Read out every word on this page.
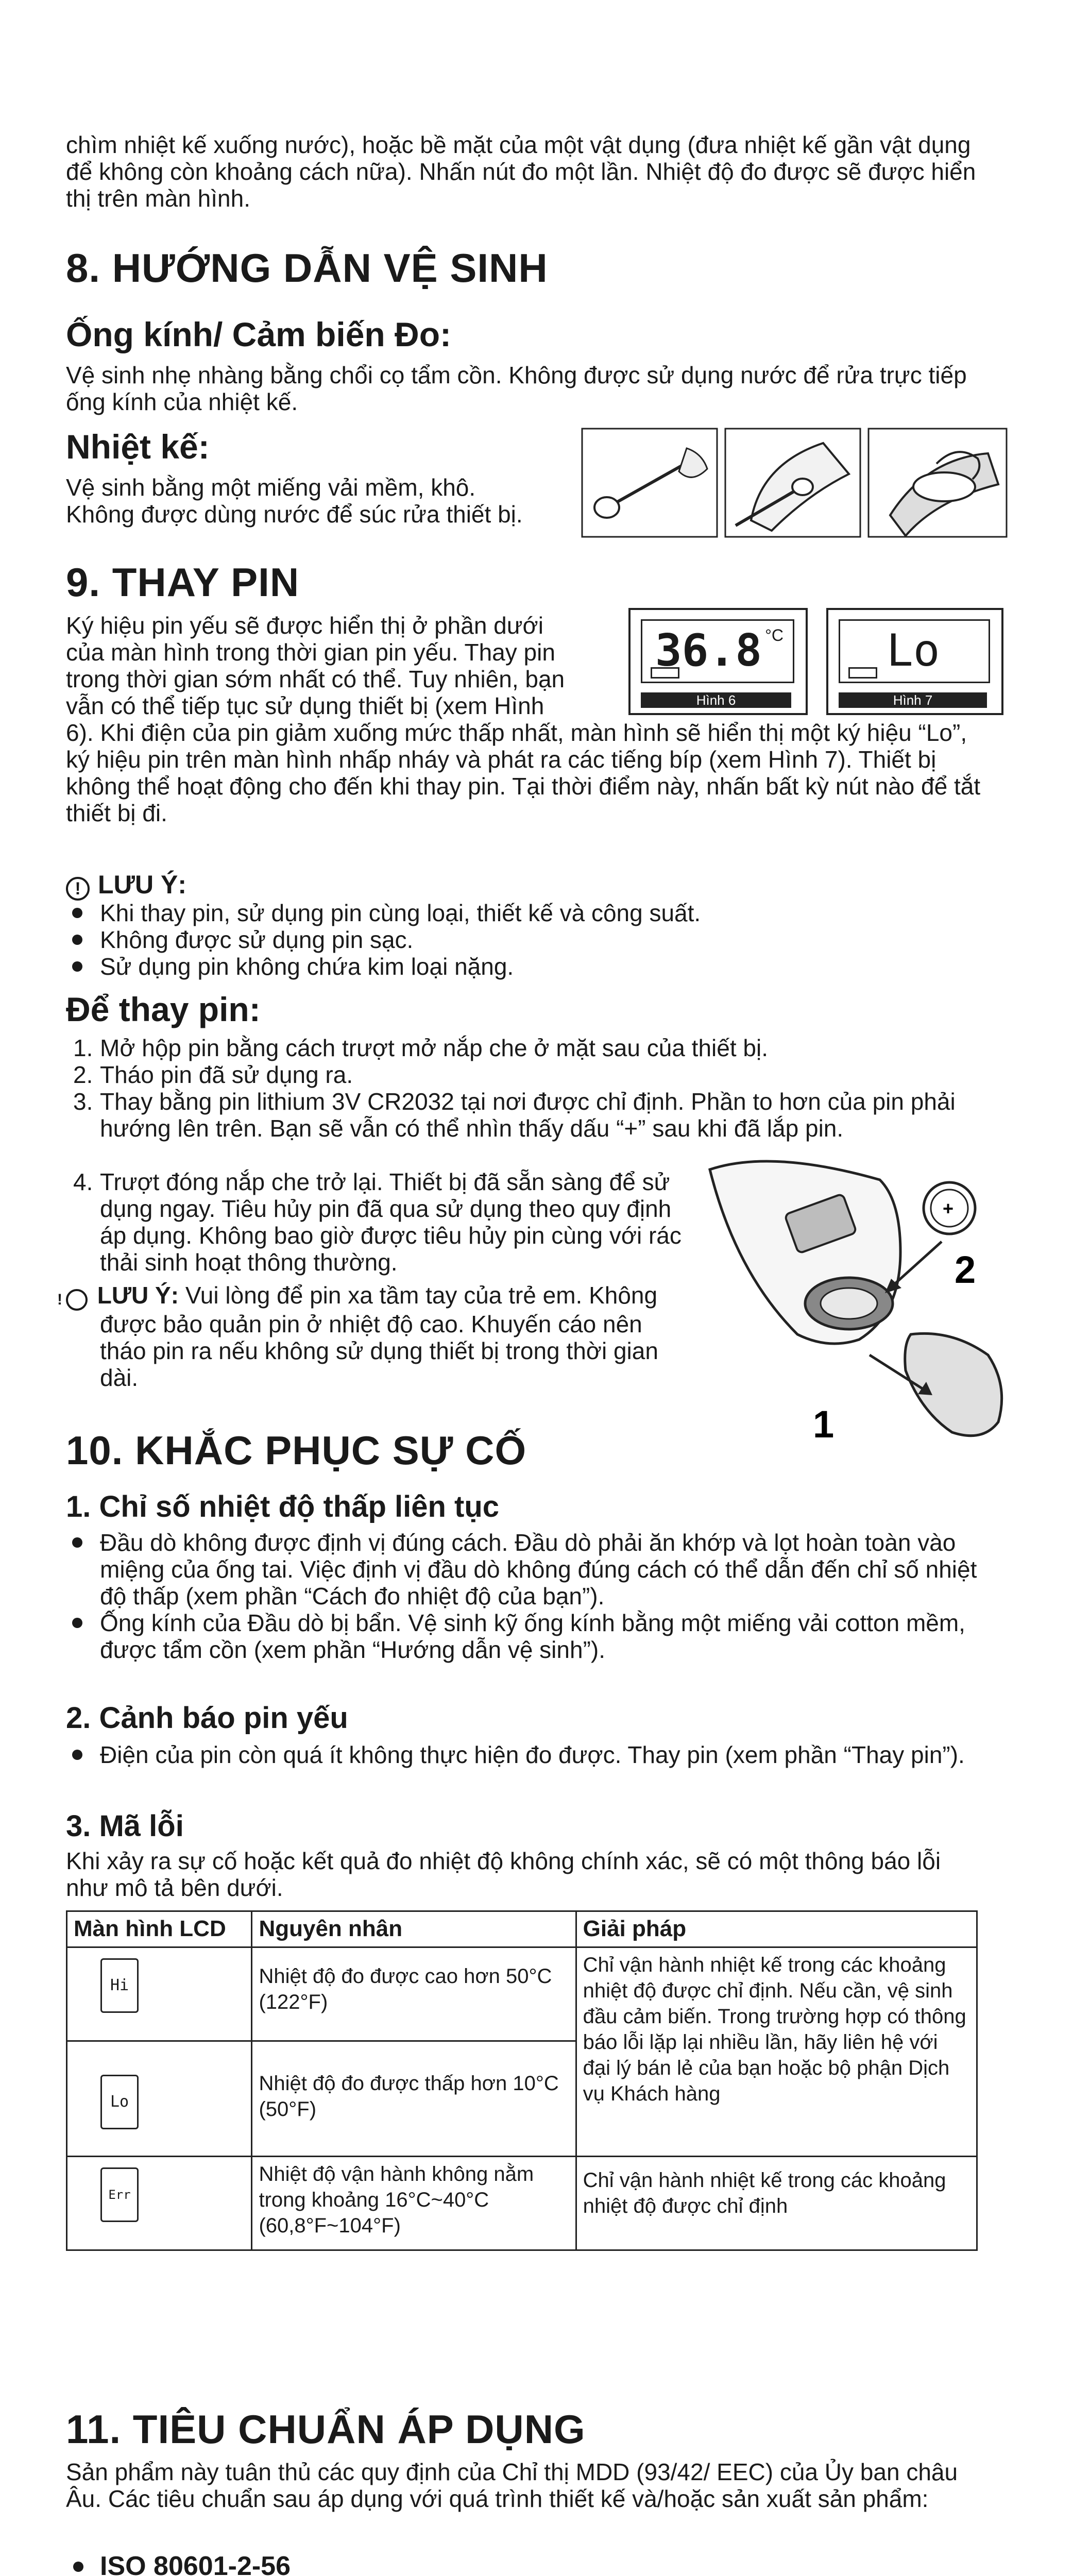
chìm nhiệt kế xuống nước), hoặc bề mặt của một vật dụng (đưa nhiệt kế gần vật dụng để không còn khoảng cách nữa). Nhấn nút đo một lần. Nhiệt độ đo được sẽ được hiển thị trên màn hình.

8. HƯỚNG DẪN VỆ SINH
Ống kính/ Cảm biến Đo:

Vệ sinh nhẹ nhàng bằng chổi cọ tẩm cồn. Không được sử dụng nước để rửa trực tiếp ống kính của nhiệt kế.

Nhiệt kế:

Vệ sinh bằng một miếng vải mềm, khô.

Không được dùng nước để súc rửa thiết bị.

9. THAY PIN

Ký hiệu pin yếu sẽ được hiển thị ở phần dưới

của màn hình trong thời gian pin yếu. Thay pin

trong thời gian sớm nhất có thể. Tuy nhiên, bạn

vẫn có thể tiếp tục sử dụng thiết bị (xem Hình

6). Khi điện của pin giảm xuống mức thấp nhất, màn hình sẽ hiển thị một ký hiệu “Lo”, ký hiệu pin trên màn hình nhấp nháy và phát ra các tiếng bíp (xem Hình 7). Thiết bị không thể hoạt động cho đến khi thay pin. Tại thời điểm này, nhấn bất kỳ nút nào để tắt thiết bị đi.

36.8 °C
Hình 6
Lo
Hình 7
! LƯU Ý:
Khi thay pin, sử dụng pin cùng loại, thiết kế và công suất.
Không được sử dụng pin sạc.
Sử dụng pin không chứa kim loại nặng.
Để thay pin:
1. Mở hộp pin bằng cách trượt mở nắp che ở mặt sau của thiết bị.
2. Tháo pin đã sử dụng ra.
3. Thay bằng pin lithium 3V CR2032 tại nơi được chỉ định. Phần to hơn của pin phải hướng lên trên. Bạn sẽ vẫn có thể nhìn thấy dấu “+” sau khi đã lắp pin.
4. Trượt đóng nắp che trở lại. Thiết bị đã sẵn sàng để sử dụng ngay. Tiêu hủy pin đã qua sử dụng theo quy định áp dụng. Không bao giờ được tiêu hủy pin cùng với rác thải sinh hoạt thông thường.

! LƯU Ý: Vui lòng để pin xa tầm tay của trẻ em. Không được bảo quản pin ở nhiệt độ cao. Khuyến cáo nên tháo pin ra nếu không sử dụng thiết bị trong thời gian dài.

+
2
1
10. KHẮC PHỤC SỰ CỐ
1. Chỉ số nhiệt độ thấp liên tục
Đầu dò không được định vị đúng cách. Đầu dò phải ăn khớp và lọt hoàn toàn vào miệng của ống tai. Việc định vị đầu dò không đúng cách có thể dẫn đến chỉ số nhiệt độ thấp (xem phần “Cách đo nhiệt độ của bạn”).
Ống kính của Đầu dò bị bẩn. Vệ sinh kỹ ống kính bằng một miếng vải cotton mềm, được tẩm cồn (xem phần “Hướng dẫn vệ sinh”).
2. Cảnh báo pin yếu
Điện của pin còn quá ít không thực hiện đo được. Thay pin (xem phần “Thay pin”).
3. Mã lỗi

Khi xảy ra sự cố hoặc kết quả đo nhiệt độ không chính xác, sẽ có một thông báo lỗi như mô tả bên dưới.

Màn hình LCD	Nguyên nhân	Giải pháp
Hi	Nhiệt độ đo được cao hơn 50°C (122°F)	Chỉ vận hành nhiệt kế trong các khoảng nhiệt độ được chỉ định. Nếu cần, vệ sinh đầu cảm biến. Trong trường hợp có thông báo lỗi lặp lại nhiều lần, hãy liên hệ với đại lý bán lẻ của bạn hoặc bộ phận Dịch vụ Khách hàng
Lo	Nhiệt độ đo được thấp hơn 10°C (50°F)	
Err	Nhiệt độ vận hành không nằm trong khoảng 16°C~40°C (60,8°F~104°F)	Chỉ vận hành nhiệt kế trong các khoảng nhiệt độ được chỉ định
11. TIÊU CHUẨN ÁP DỤNG

Sản phẩm này tuân thủ các quy định của Chỉ thị MDD (93/42/ EEC) của Ủy ban châu Âu. Các tiêu chuẩn sau áp dụng với quá trình thiết kế và/hoặc sản xuất sản phẩm:

ISO 80601-2-56
